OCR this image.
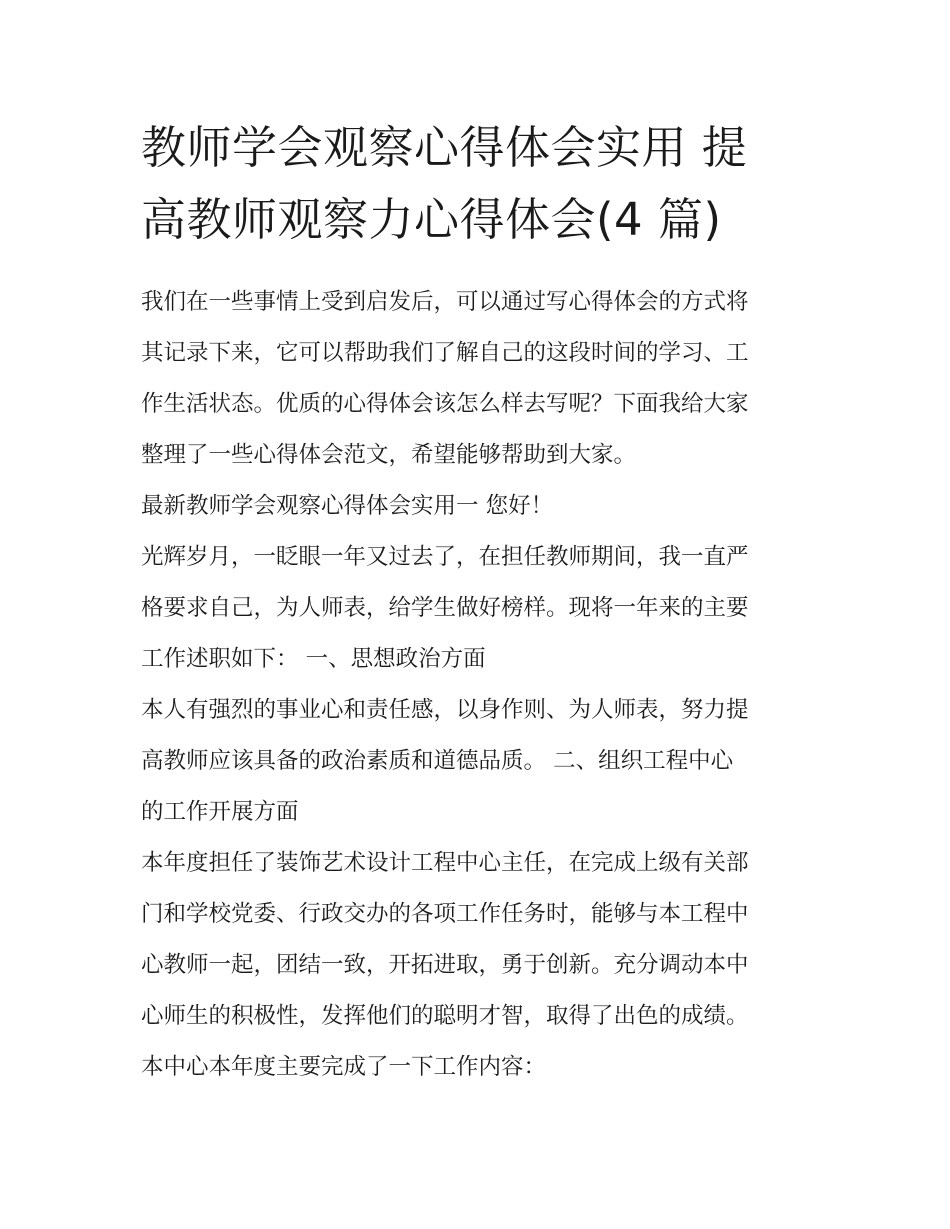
教师学会观察心得体会实用 提
高教师观察力心得体会(4 篇)

我们在一些事情上受到启发后，可以通过写心得体会的方式将
其记录下来，它可以帮助我们了解自己的这段时间的学习、工
作生活状态。优质的心得体会该怎么样去写呢？下面我给大家
整理了一些心得体会范文，希望能够帮助到大家。

最新教师学会观察心得体会实用一 您好！

光辉岁月，一眨眼一年又过去了，在担任教师期间，我一直严
格要求自己，为人师表，给学生做好榜样。现将一年来的主要
工作述职如下： 一、思想政治方面

本人有强烈的事业心和责任感，以身作则、为人师表，努力提
高教师应该具备的政治素质和道德品质。 二、组织工程中心
的工作开展方面

本年度担任了装饰艺术设计工程中心主任，在完成上级有关部
门和学校党委、行政交办的各项工作任务时，能够与本工程中
心教师一起，团结一致，开拓进取，勇于创新。充分调动本中
心师生的积极性，发挥他们的聪明才智，取得了出色的成绩。

本中心本年度主要完成了一下工作内容：
